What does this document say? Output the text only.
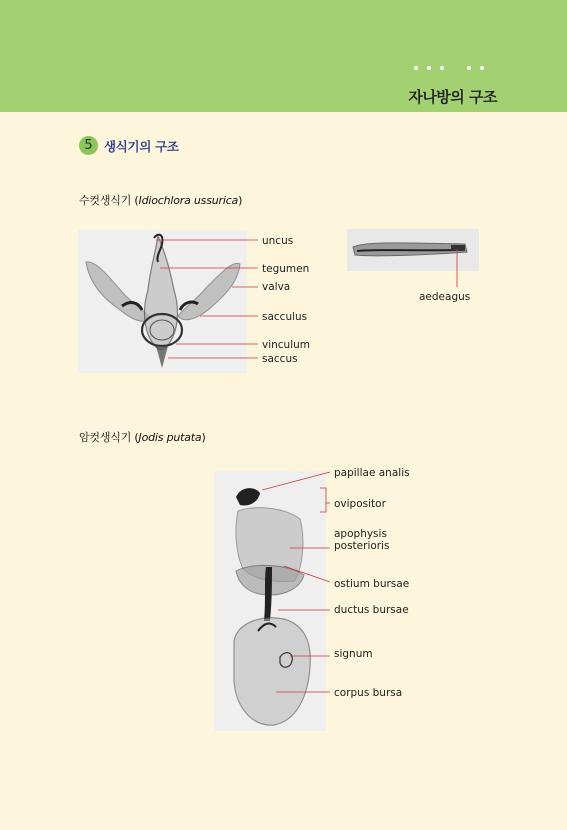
자나방의 구조
5 생식기의 구조
수컷생식기 (Idiochlora ussurica)
uncus
tegumen
valva
sacculus
vinculum
saccus
aedeagus
암컷생식기 (Jodis putata)
papillae analis
ovipositor
apophysis
posterioris
ostium bursae
ductus bursae
signum
corpus bursa
